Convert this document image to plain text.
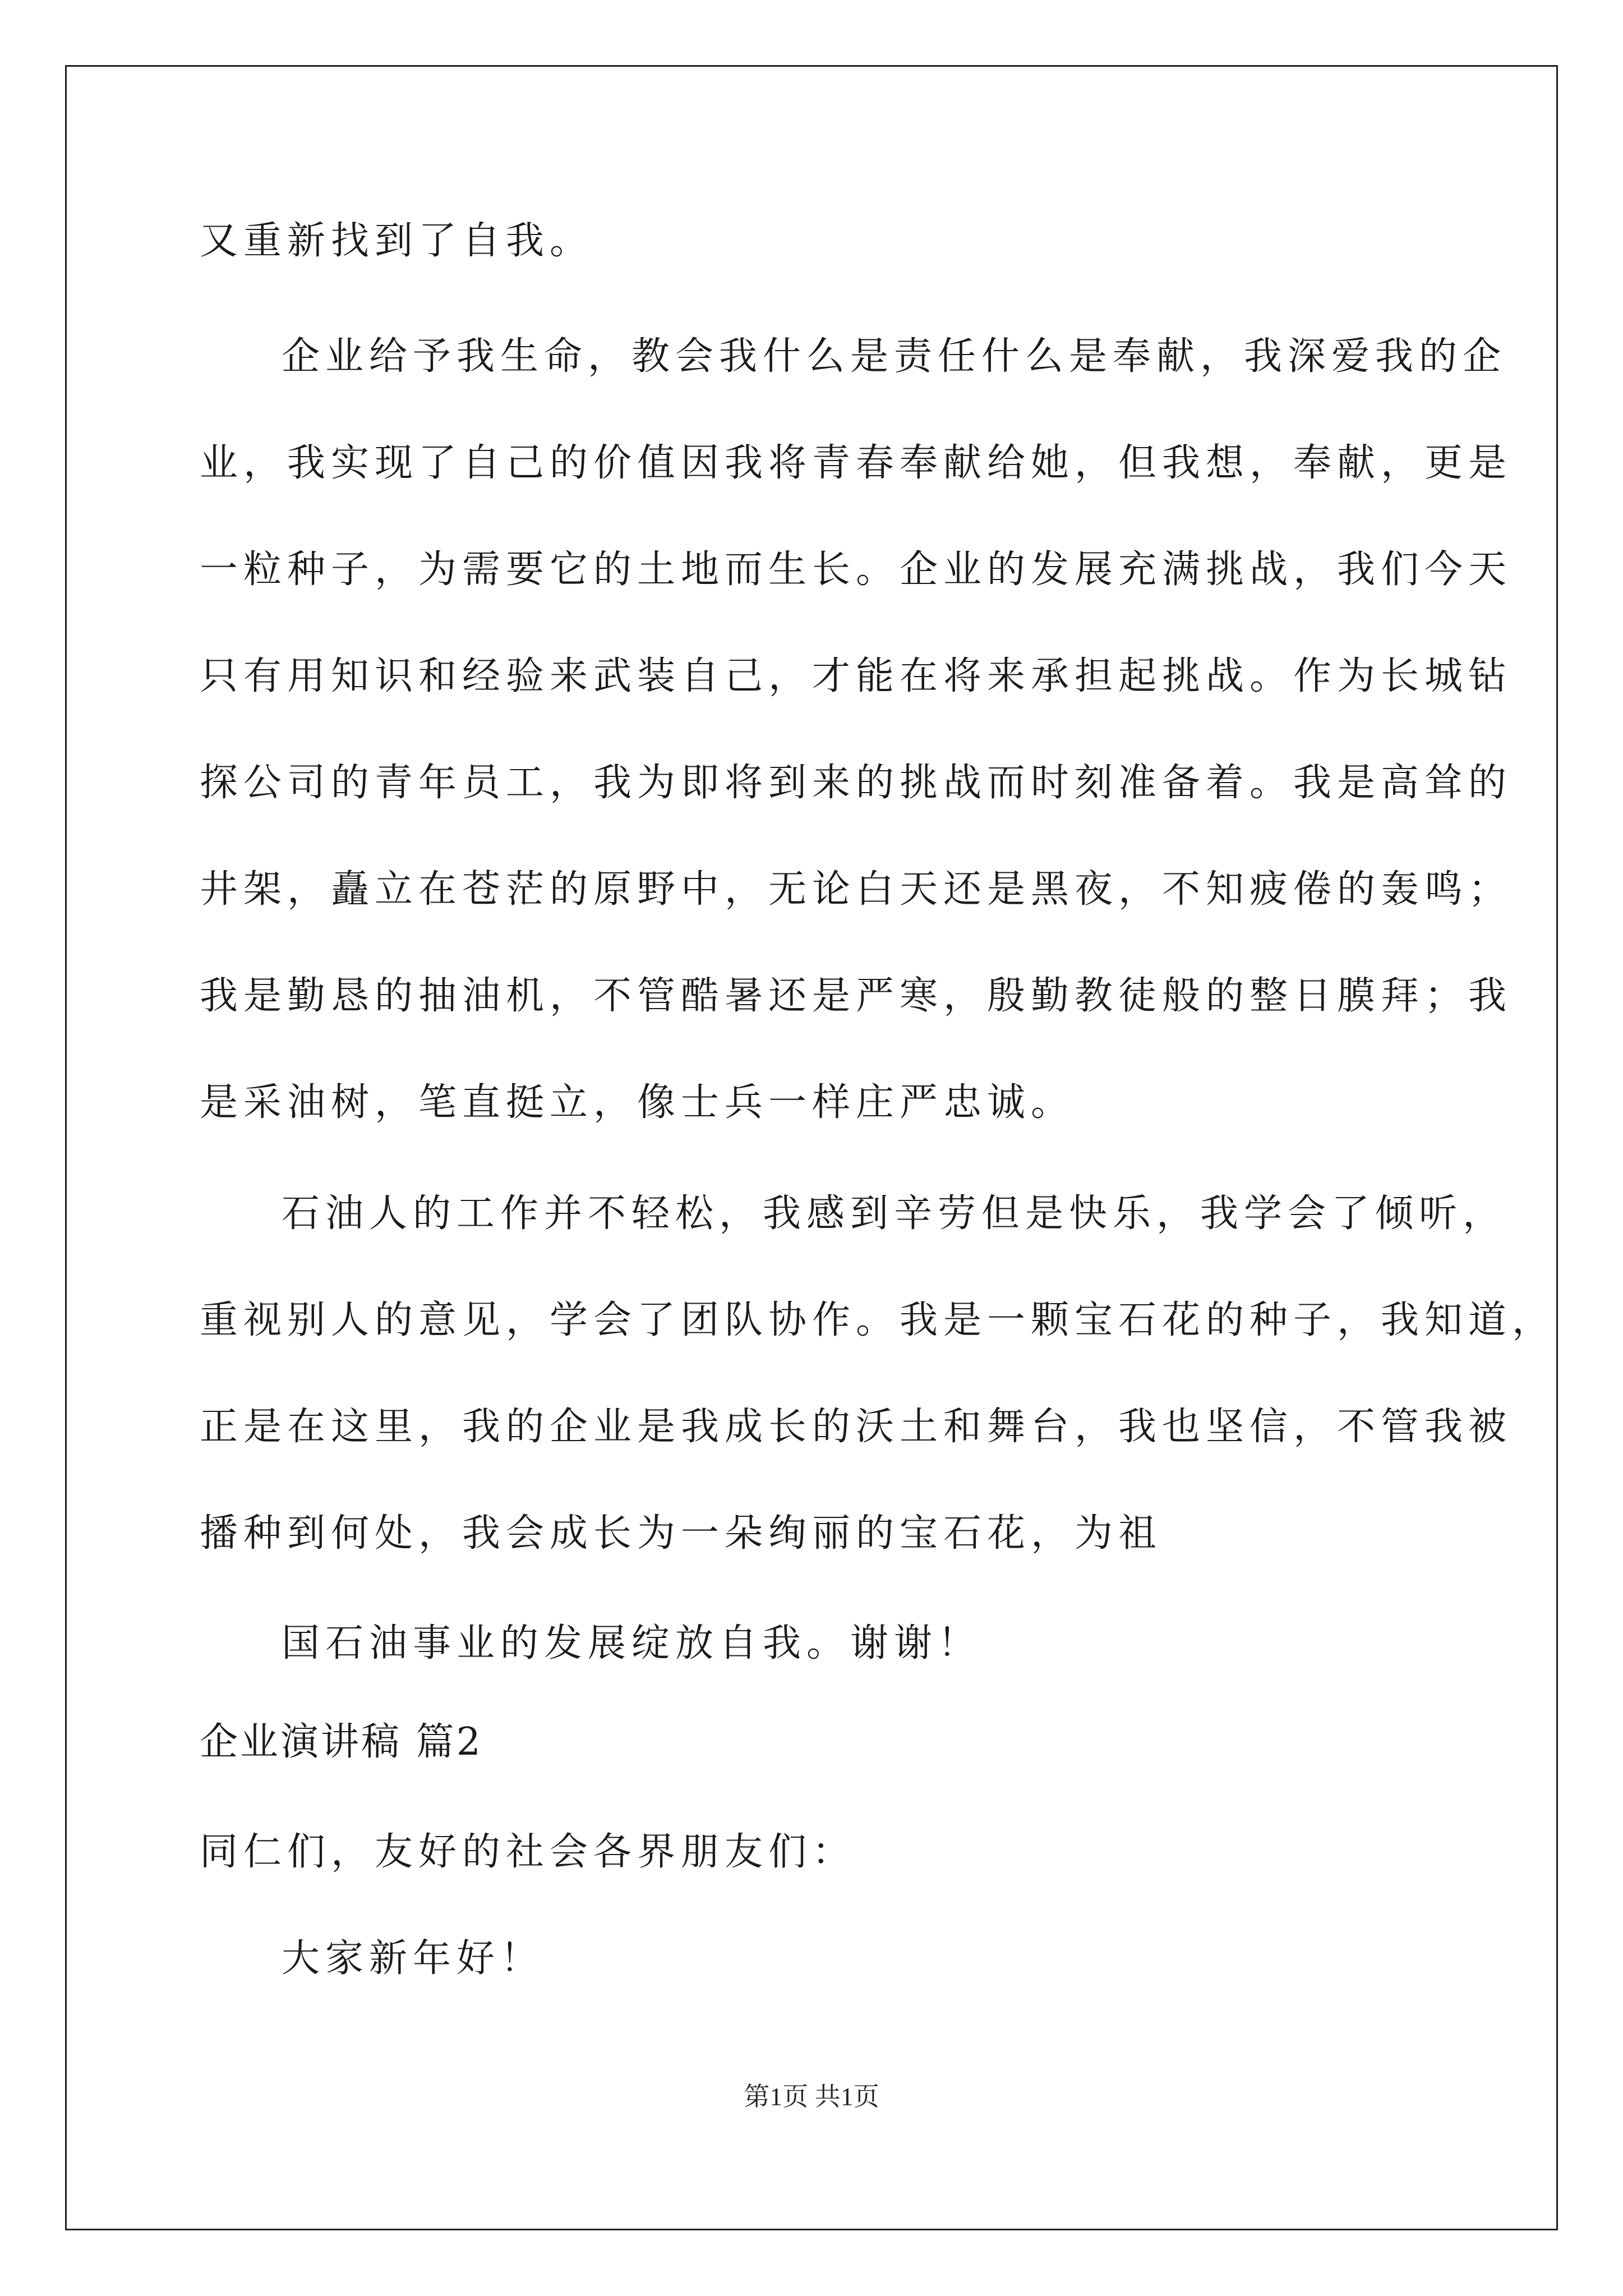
又重新找到了自我。
企业给予我生命，教会我什么是责任什么是奉献，我深爱我的企
业，我实现了自己的价值因我将青春奉献给她，但我想，奉献，更是
一粒种子，为需要它的土地而生长。企业的发展充满挑战，我们今天
只有用知识和经验来武装自己，才能在将来承担起挑战。作为长城钻
探公司的青年员工，我为即将到来的挑战而时刻准备着。我是高耸的
井架，矗立在苍茫的原野中，无论白天还是黑夜，不知疲倦的轰鸣；
我是勤恳的抽油机，不管酷暑还是严寒，殷勤教徒般的整日膜拜；我
是采油树，笔直挺立，像士兵一样庄严忠诚。
石油人的工作并不轻松，我感到辛劳但是快乐，我学会了倾听，
重视别人的意见，学会了团队协作。我是一颗宝石花的种子，我知道，
正是在这里，我的企业是我成长的沃土和舞台，我也坚信，不管我被
播种到何处，我会成长为一朵绚丽的宝石花，为祖
国石油事业的发展绽放自我。谢谢！
企业演讲稿 篇2
同仁们，友好的社会各界朋友们：
大家新年好！
第1页 共1页
